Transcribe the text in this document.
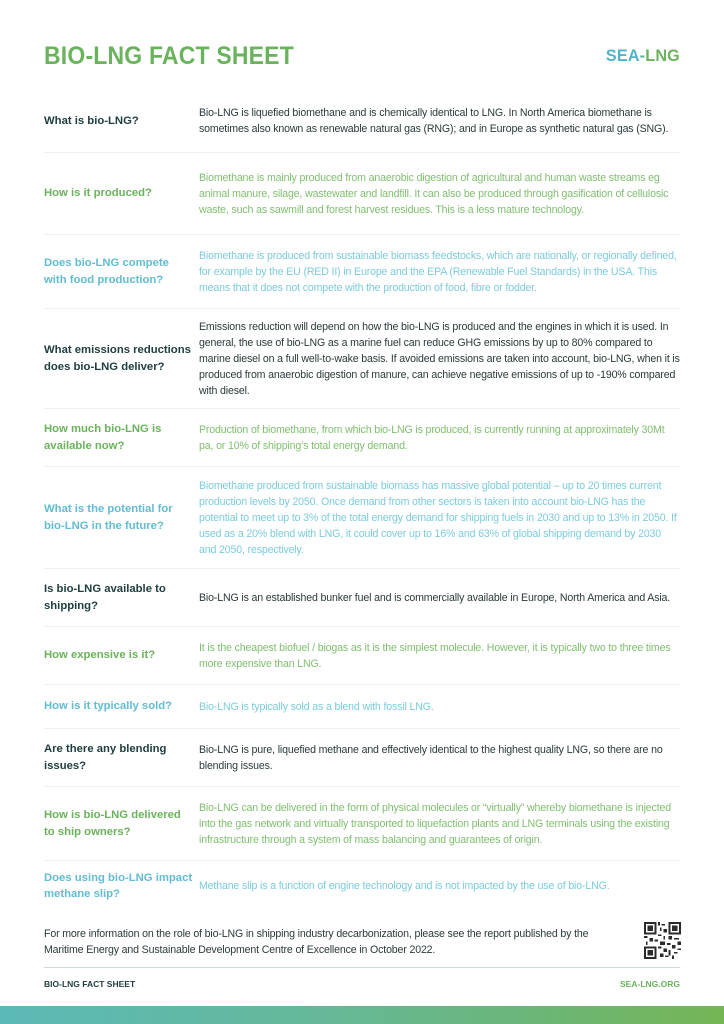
BIO-LNG FACT SHEET	SEA-LNG
What is bio-LNG?
Bio-LNG is liquefied biomethane and is chemically identical to LNG. In North America biomethane is sometimes also known as renewable natural gas (RNG); and in Europe as synthetic natural gas (SNG).
How is it produced?
Biomethane is mainly produced from anaerobic digestion of agricultural and human waste streams eg animal manure, silage, wastewater and landfill. It can also be produced through gasification of cellulosic waste, such as sawmill and forest harvest residues. This is a less mature technology.
Does bio-LNG compete with food production?
Biomethane is produced from sustainable biomass feedstocks, which are nationally, or regionally defined, for example by the EU (RED II) in Europe and the EPA (Renewable Fuel Standards) in the USA. This means that it does not compete with the production of food, fibre or fodder.
What emissions reductions does bio-LNG deliver?
Emissions reduction will depend on how the bio-LNG is produced and the engines in which it is used. In general, the use of bio-LNG as a marine fuel can reduce GHG emissions by up to 80% compared to marine diesel on a full well-to-wake basis. If avoided emissions are taken into account, bio-LNG, when it is produced from anaerobic digestion of manure, can achieve negative emissions of up to -190% compared with diesel.
How much bio-LNG is available now?
Production of biomethane, from which bio-LNG is produced, is currently running at approximately 30Mt pa, or 10% of shipping’s total energy demand.
What is the potential for bio-LNG in the future?
Biomethane produced from sustainable biomass has massive global potential – up to 20 times current production levels by 2050. Once demand from other sectors is taken into account bio-LNG has the potential to meet up to 3% of the total energy demand for shipping fuels in 2030 and up to 13% in 2050. If used as a 20% blend with LNG, it could cover up to 16% and 63% of global shipping demand by 2030 and 2050, respectively.
Is bio-LNG available to shipping?
Bio-LNG is an established bunker fuel and is commercially available in Europe, North America and Asia.
How expensive is it?
It is the cheapest biofuel / biogas as it is the simplest molecule. However, it is typically two to three times more expensive than LNG.
How is it typically sold?	Bio-LNG is typically sold as a blend with fossil LNG.
Are there any blending issues?
Bio-LNG is pure, liquefied methane and effectively identical to the highest quality LNG, so there are no blending issues.
How is bio-LNG delivered to ship owners?
Bio-LNG can be delivered in the form of physical molecules or “virtually” whereby biomethane is injected into the gas network and virtually transported to liquefaction plants and LNG terminals using the existing infrastructure through a system of mass balancing and guarantees of origin.
Does using bio-LNG impact methane slip?
Methane slip is a function of engine technology and is not impacted by the use of bio-LNG.
For more information on the role of bio-LNG in shipping industry decarbonization, please see the report published by the Maritime Energy and Sustainable Development Centre of Excellence in October 2022.
BIO-LNG FACT SHEET	SEA-LNG.ORG
